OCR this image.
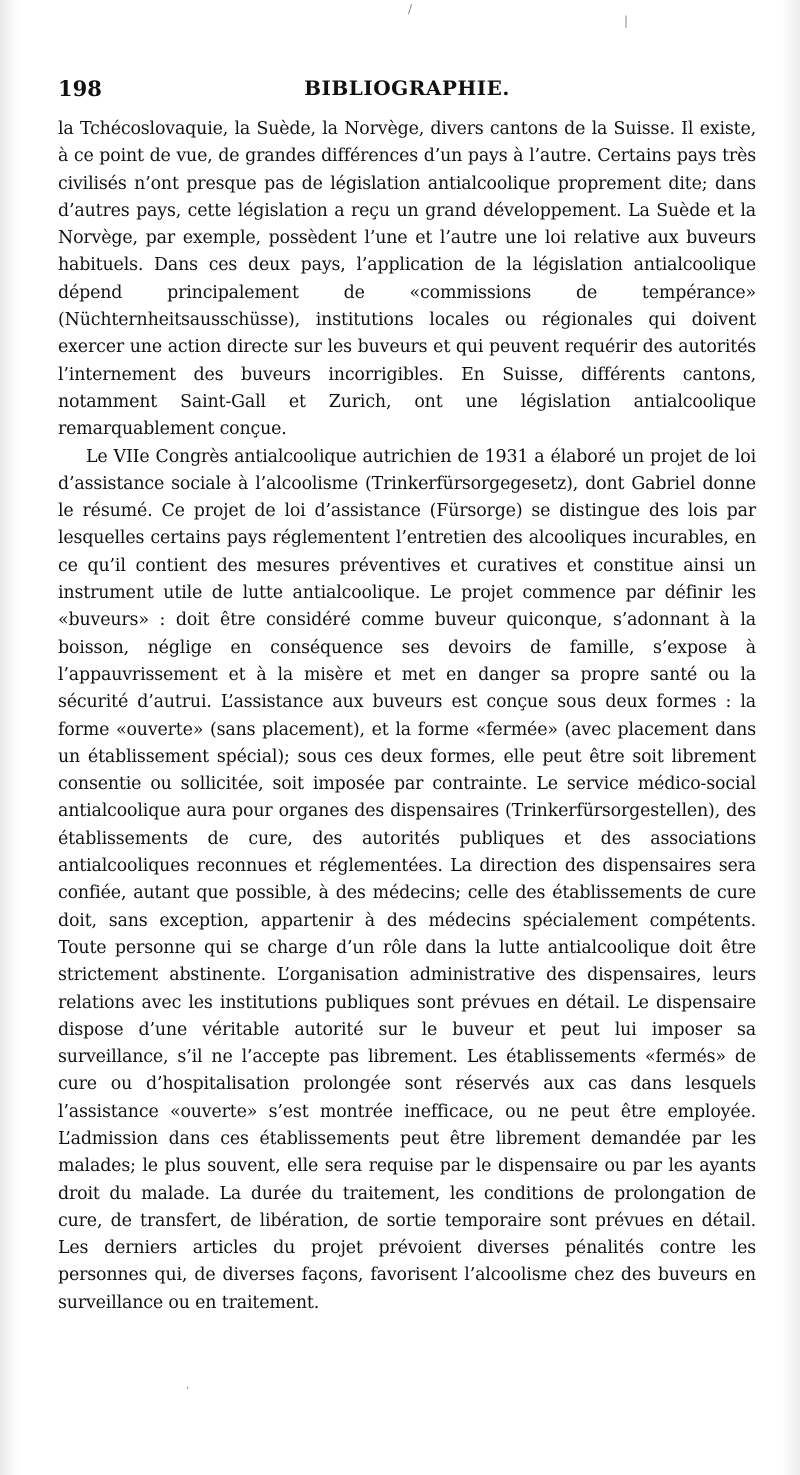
/
|
,
198	BIBLIOGRAPHIE.

la Tchécoslovaquie, la Suède, la Norvège, divers cantons de la Suisse. Il existe, à ce point de vue, de grandes différences d’un pays à l’autre. Certains pays très civilisés n’ont presque pas de législation antialcoolique proprement dite; dans d’autres pays, cette législation a reçu un grand développement. La Suède et la Norvège, par exemple, possèdent l’une et l’autre une loi relative aux buveurs habituels. Dans ces deux pays, l’application de la législation antialcoolique dépend principalement de «commissions de tempérance» (Nüchternheitsausschüsse), institutions locales ou régionales qui doivent exercer une action directe sur les buveurs et qui peuvent requérir des autorités l’internement des buveurs incorrigibles. En Suisse, différents cantons, notamment Saint-Gall et Zurich, ont une législation antialcoolique remarquablement conçue.

Le VIIe Congrès antialcoolique autrichien de 1931 a élaboré un projet de loi d’assistance sociale à l’alcoolisme (Trinkerfürsorgegesetz), dont Gabriel donne le résumé. Ce projet de loi d’assistance (Fürsorge) se distingue des lois par lesquelles certains pays réglementent l’entretien des alcooliques incurables, en ce qu’il contient des mesures préventives et curatives et constitue ainsi un instrument utile de lutte antialcoolique. Le projet commence par définir les «buveurs» : doit être considéré comme buveur quiconque, s’adonnant à la boisson, néglige en conséquence ses devoirs de famille, s’expose à l’appauvrissement et à la misère et met en danger sa propre santé ou la sécurité d’autrui. L’assistance aux buveurs est conçue sous deux formes : la forme «ouverte» (sans placement), et la forme «fermée» (avec placement dans un établissement spécial); sous ces deux formes, elle peut être soit librement consentie ou sollicitée, soit imposée par contrainte. Le service médico-social antialcoolique aura pour organes des dispensaires (Trinkerfürsorgestellen), des établissements de cure, des autorités publiques et des associations antialcooliques reconnues et réglementées. La direction des dispensaires sera confiée, autant que possible, à des médecins; celle des établissements de cure doit, sans exception, appartenir à des médecins spécialement compétents. Toute personne qui se charge d’un rôle dans la lutte antialcoolique doit être strictement abstinente. L’organisation administrative des dispensaires, leurs relations avec les institutions publiques sont prévues en détail. Le dispensaire dispose d’une véritable autorité sur le buveur et peut lui imposer sa surveillance, s’il ne l’accepte pas librement. Les établissements «fermés» de cure ou d’hospitalisation prolongée sont réservés aux cas dans lesquels l’assistance «ouverte» s’est montrée inefficace, ou ne peut être employée. L’admission dans ces établissements peut être librement demandée par les malades; le plus souvent, elle sera requise par le dispensaire ou par les ayants droit du malade. La durée du traitement, les conditions de prolongation de cure, de transfert, de libération, de sortie temporaire sont prévues en détail. Les derniers articles du projet prévoient diverses pénalités contre les personnes qui, de diverses façons, favorisent l’alcoolisme chez des buveurs en surveillance ou en traitement.
